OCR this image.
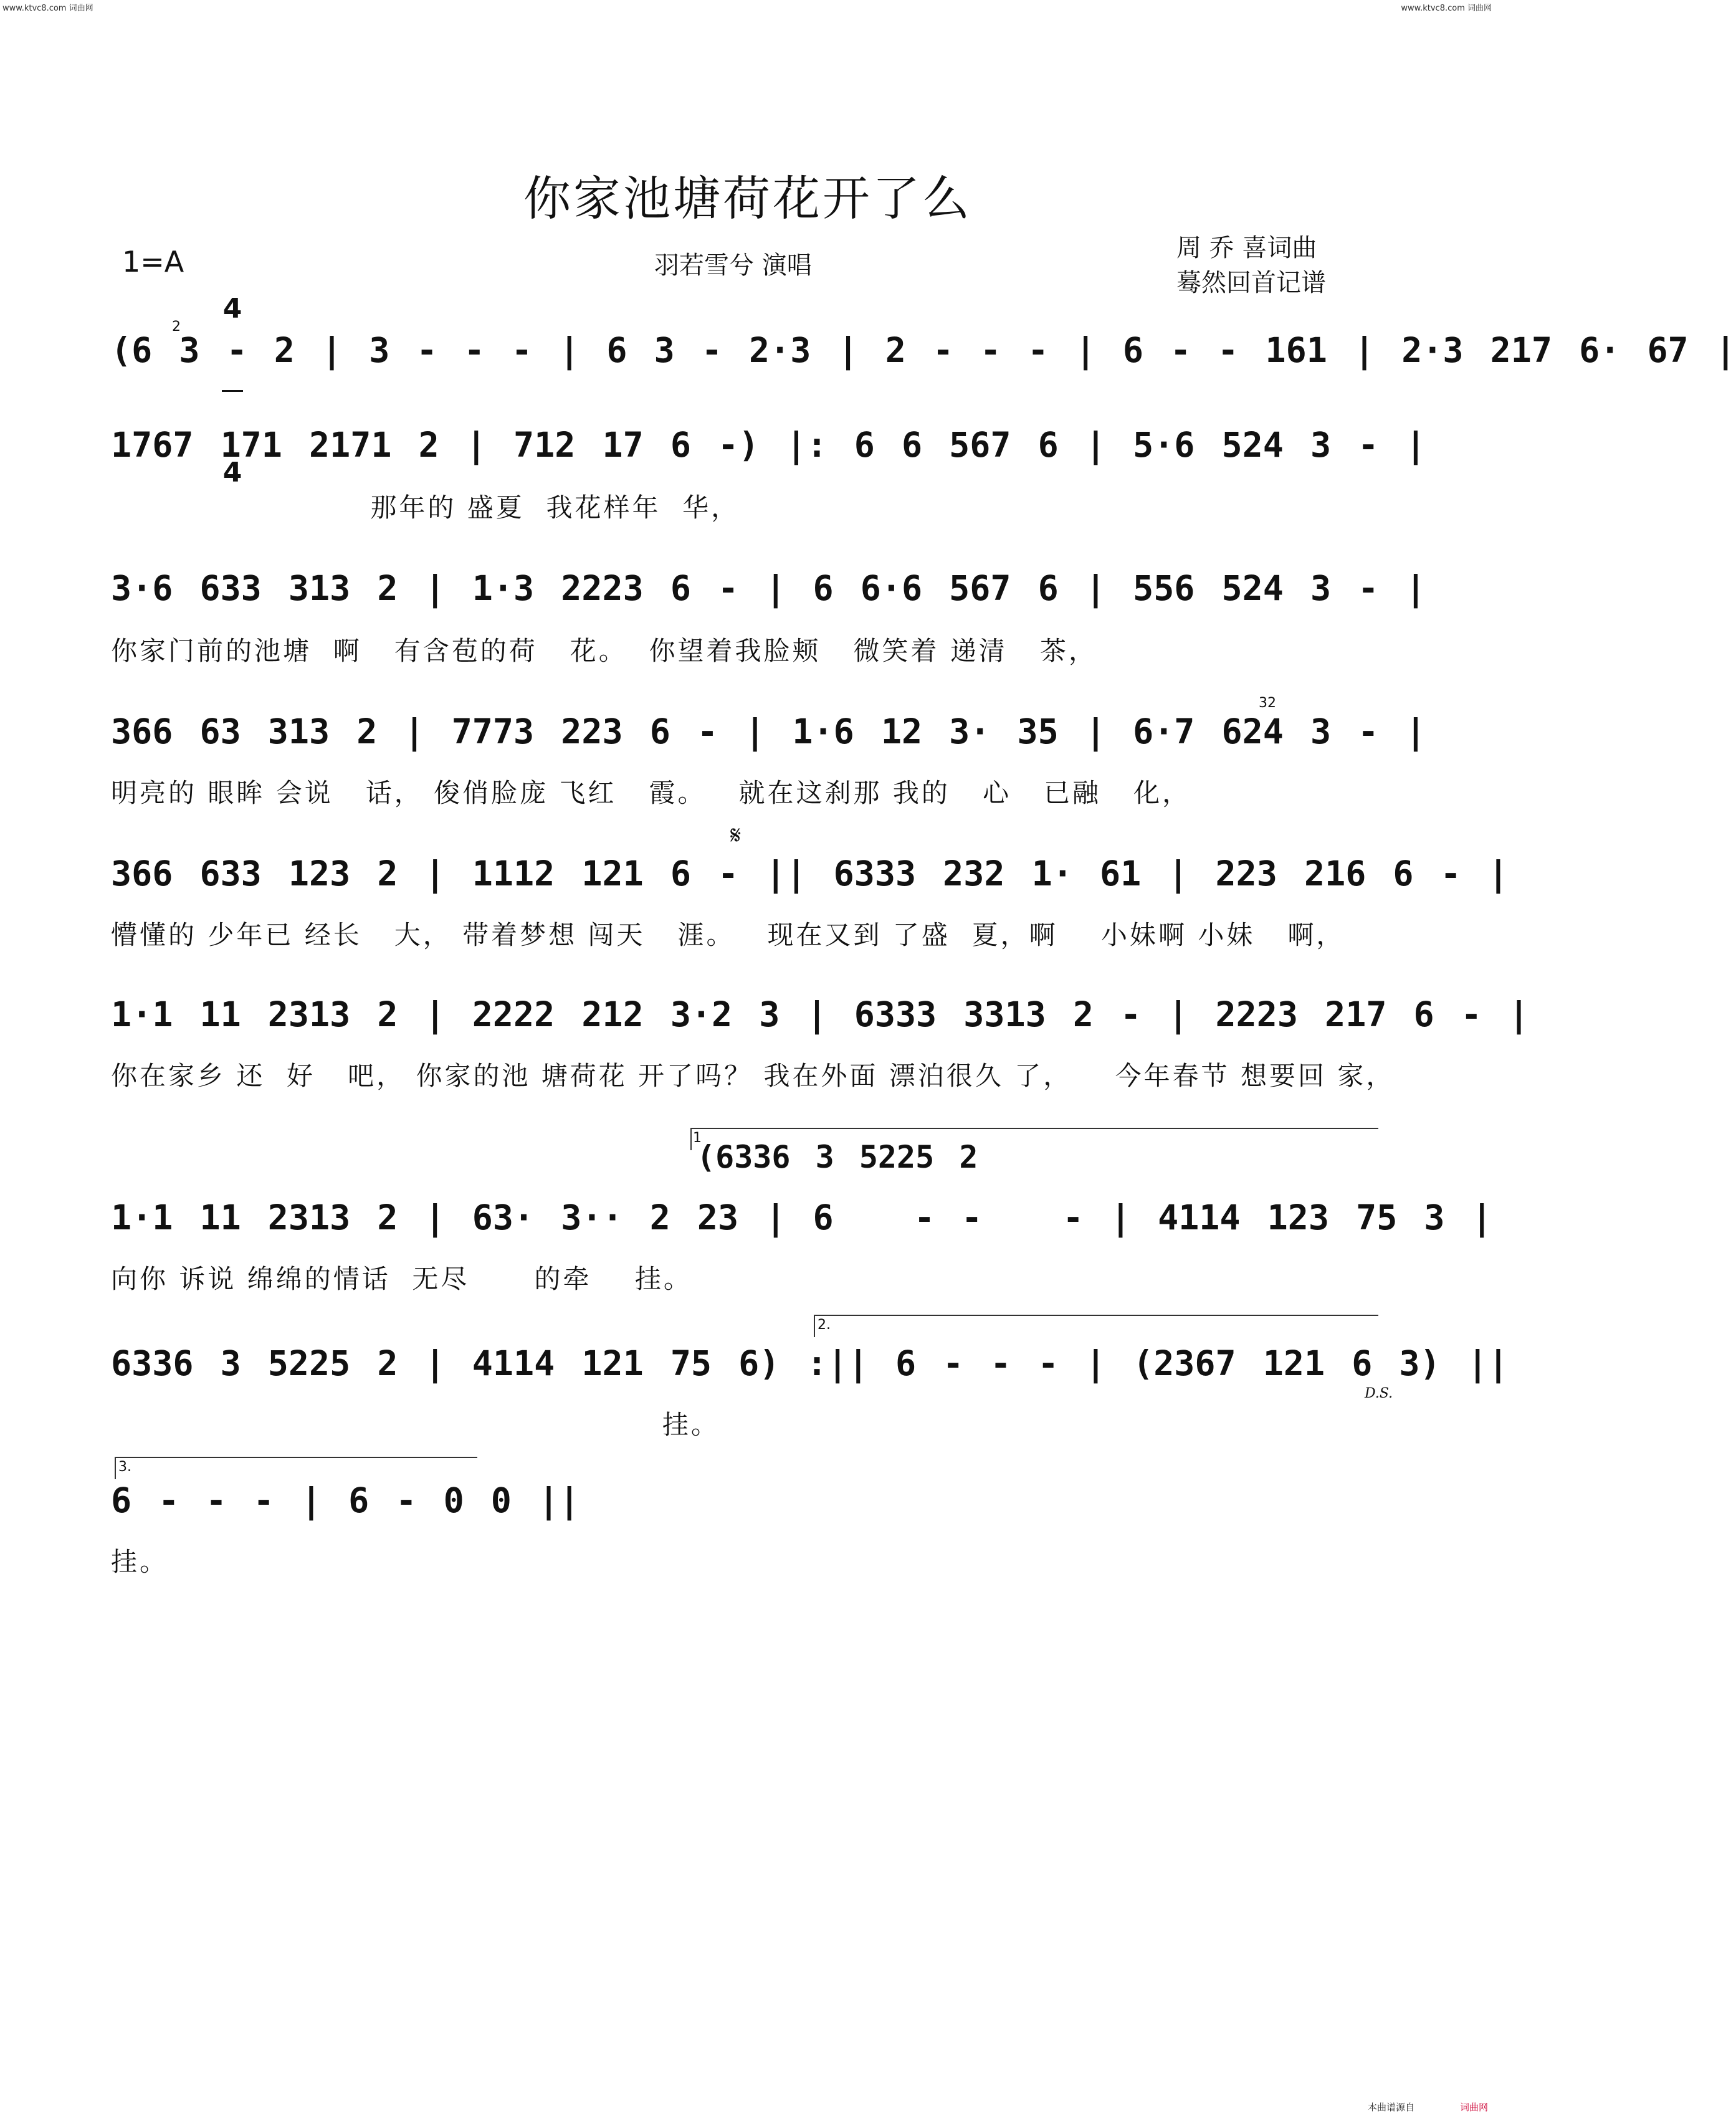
www.ktvc8.com 词曲网	www.ktvc8.com 词曲网
你家池塘荷花开了么
1=A

4

4

羽若雪兮 演唱
周 乔 喜词曲
蓦然回首记谱
2
32
𝄋
D.S.
(6 3 - 2 | 3 - - - | 6 3 - 2·3 | 2 - - - | 6 - - 161 | 2·3 217 6· 67 |
1767 171 2171 2 | 712 17 6 -) |: 6 6 567 6 | 5·6 524 3 - |
那年的 盛夏  我花样年  华，
3·6 633 313 2 | 1·3 2223 6 - | 6 6·6 567 6 | 556 524 3 - |
你家门前的池塘  啊   有含苞的荷   花。  你望着我脸颊   微笑着 递清   茶，
366 63 313 2 | 7773 223 6 - | 1·6 12 3· 35 | 6·7 624 3 - |
明亮的 眼眸 会说   话， 俊俏脸庞 飞红   霞。   就在这刹那 我的   心   已融   化，
366 633 123 2 | 1112 121 6 - || 6333 232 1· 61 | 223 216 6 - |
懵懂的 少年已 经长   大， 带着梦想 闯天   涯。   现在又到 了盛  夏，啊    小妹啊 小妹   啊，
1·1 11 2313 2 | 2222 212 3·2 3 | 6333 3313 2 - | 2223 217 6 - |
你在家乡 还  好   吧， 你家的池 塘荷花 开了吗？ 我在外面 漂泊很久 了，    今年春节 想要回 家，
1
(6336 3 5225 2
1·1 11 2313 2 | 63· 3·· 2 23 | 6   - -   - | 4114 123 75 3 |
向你 诉说 绵绵的情话  无尽      的牵    挂。
2.
6336 3 5225 2 | 4114 121 75 6) :|| 6 - - - | (2367 121 6 3) ||
挂。
3.
6 - - - | 6 - 0 0 ||
挂。
本曲谱源自	词曲网
